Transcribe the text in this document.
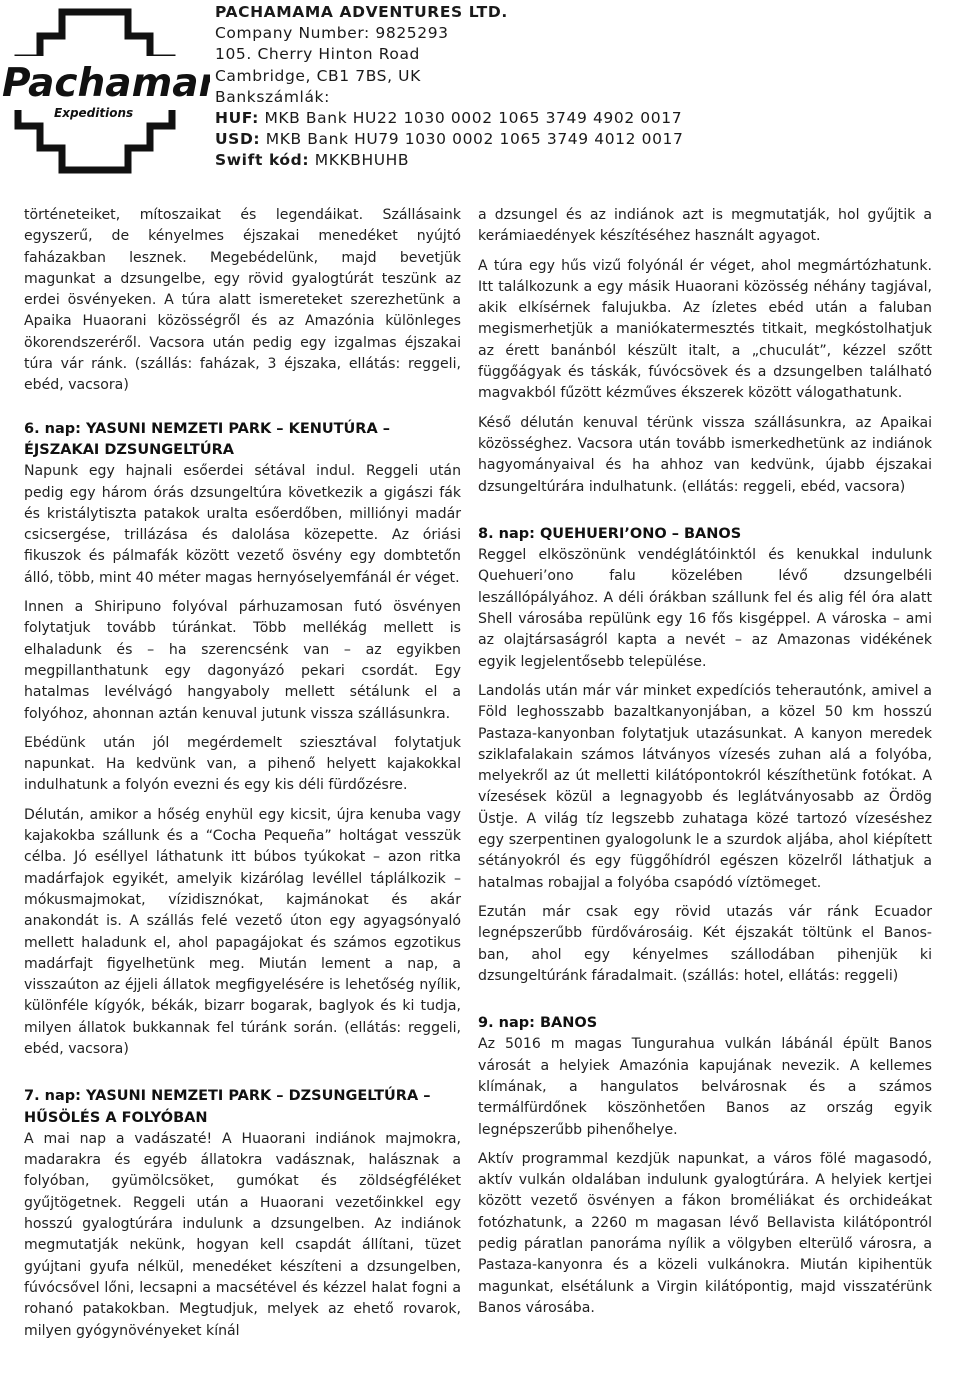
Pachama
Expeditions
PACHAMAMA ADVENTURES LTD.
Company Number: 9825293
105. Cherry Hinton Road
Cambridge, CB1 7BS, UK
Bankszámlák:
HUF: MKB Bank HU22 1030 0002 1065 3749 4902 0017
USD: MKB Bank HU79 1030 0002 1065 3749 4012 0017
Swift kód: MKKBHUHB

történeteiket, mítoszaikat és legendáikat. Szállásaink egyszerű, de kényelmes éjszakai menedéket nyújtó faházakban lesznek. Megebédelünk, majd bevetjük magunkat a dzsungelbe, egy rövid gyalogtúrát teszünk az erdei ösvényeken. A túra alatt ismereteket szerezhetünk a Apaika Huaorani közösségről és az Amazónia különleges ökorendszeréről. Vacsora után pedig egy izgalmas éjszakai túra vár ránk. (szállás: faházak, 3 éjszaka, ellátás: reggeli, ebéd, vacsora)

6. nap: YASUNI NEMZETI PARK – KENUTÚRA – ÉJSZAKAI DZSUNGELTÚRA

Napunk egy hajnali esőerdei sétával indul. Reggeli után pedig egy három órás dzsungeltúra következik a gigászi fák és kristálytiszta patakok uralta esőerdőben, milliónyi madár csicsergése, trillázása és dalolása közepette. Az óriási fikuszok és pálmafák között vezető ösvény egy dombtetőn álló, több, mint 40 méter magas hernyóselyemfánál ér véget.

Innen a Shiripuno folyóval párhuzamosan futó ösvényen folytatjuk tovább túránkat. Több mellékág mellett is elhaladunk és – ha szerencsénk van – az egyikben megpillanthatunk egy dagonyázó pekari csordát. Egy hatalmas levélvágó hangyaboly mellett sétálunk el a folyóhoz, ahonnan aztán kenuval jutunk vissza szállásunkra.

Ebédünk után jól megérdemelt sziesztával folytatjuk napunkat. Ha kedvünk van, a pihenő helyett kajakokkal indulhatunk a folyón evezni és egy kis déli fürdőzésre.

Délután, amikor a hőség enyhül egy kicsit, újra kenuba vagy kajakokba szállunk és a “Cocha Pequeña” holtágat vesszük célba. Jó eséllyel láthatunk itt búbos tyúkokat – azon ritka madárfajok egyikét, amelyik kizárólag levéllel táplálkozik – mókusmajmokat, vízidisznókat, kajmánokat és akár anakondát is. A szállás felé vezető úton egy agyagsónyaló mellett haladunk el, ahol papagájokat és számos egzotikus madárfajt figyelhetünk meg. Miután lement a nap, a visszaúton az éjjeli állatok megfigyelésére is lehetőség nyílik, különféle kígyók, békák, bizarr bogarak, baglyok és ki tudja, milyen állatok bukkannak fel túránk során. (ellátás: reggeli, ebéd, vacsora)

7. nap: YASUNI NEMZETI PARK – DZSUNGELTÚRA – HŰSÖLÉS A FOLYÓBAN

A mai nap a vadászaté! A Huaorani indiánok majmokra, madarakra és egyéb állatokra vadásznak, halásznak a folyóban, gyümölcsöket, gumókat és zöldségféléket gyűjtögetnek. Reggeli után a Huaorani vezetőinkkel egy hosszú gyalogtúrára indulunk a dzsungelben. Az indiánok megmutatják nekünk, hogyan kell csapdát állítani, tüzet gyújtani gyufa nélkül, menedéket készíteni a dzsungelben, fúvócsővel lőni, lecsapni a macsétével és kézzel halat fogni a rohanó patakokban. Megtudjuk, melyek az ehető rovarok, milyen gyógynövényeket kínál

a dzsungel és az indiánok azt is megmutatják, hol gyűjtik a kerámiaedények készítéséhez használt agyagot.

A túra egy hűs vizű folyónál ér véget, ahol megmártózhatunk. Itt találkozunk a egy másik Huaorani közösség néhány tagjával, akik elkísérnek falujukba. Az ízletes ebéd után a faluban megismerhetjük a maniókatermesztés titkait, megkóstolhatjuk az érett banánból készült italt, a „chuculát”, kézzel szőtt függőágyak és táskák, fúvócsövek és a dzsungelben található magvakból fűzött kézműves ékszerek között válogathatunk.

Késő délután kenuval térünk vissza szállásunkra, az Apaikai közösséghez. Vacsora után tovább ismerkedhetünk az indiánok hagyományaival és ha ahhoz van kedvünk, újabb éjszakai dzsungeltúrára indulhatunk. (ellátás: reggeli, ebéd, vacsora)

8. nap: QUEHUERI’ONO – BANOS

Reggel elköszönünk vendéglátóinktól és kenukkal indulunk Quehueri’ono falu közelében lévő dzsungelbéli leszállópályához. A déli órákban szállunk fel és alig fél óra alatt Shell városába repülünk egy 16 fős kisgéppel. A városka – ami az olajtársaságról kapta a nevét – az Amazonas vidékének egyik legjelentősebb települése.

Landolás után már vár minket expedíciós teherautónk, amivel a Föld leghosszabb bazaltkanyonjában, a közel 50 km hosszú Pastaza-kanyonban folytatjuk utazásunkat. A kanyon meredek sziklafalakain számos látványos vízesés zuhan alá a folyóba, melyekről az út melletti kilátópontokról készíthetünk fotókat. A vízesések közül a legnagyobb és leglátványosabb az Ördög Üstje. A világ tíz legszebb zuhataga közé tartozó vízeséshez egy szerpentinen gyalogolunk le a szurdok aljába, ahol kiépített sétányokról és egy függőhídról egészen közelről láthatjuk a hatalmas robajjal a folyóba csapódó víztömeget.

Ezután már csak egy rövid utazás vár ránk Ecuador legnépszerűbb fürdővárosáig. Két éjszakát töltünk el Banos-ban, ahol egy kényelmes szállodában pihenjük ki dzsungeltúránk fáradalmait. (szállás: hotel, ellátás: reggeli)

9. nap: BANOS

Az 5016 m magas Tungurahua vulkán lábánál épült Banos városát a helyiek Amazónia kapujának nevezik. A kellemes klímának, a hangulatos belvárosnak és a számos termálfürdőnek köszönhetően Banos az ország egyik legnépszerűbb pihenőhelye.

Aktív programmal kezdjük napunkat, a város fölé magasodó, aktív vulkán oldalában indulunk gyalogtúrára. A helyiek kertjei között vezető ösvényen a fákon broméliákat és orchideákat fotózhatunk, a 2260 m magasan lévő Bellavista kilátópontról pedig páratlan panoráma nyílik a völgyben elterülő városra, a Pastaza-kanyonra és a közeli vulkánokra. Miután kipihentük magunkat, elsétálunk a Virgin kilátópontig, majd visszatérünk Banos városába.
